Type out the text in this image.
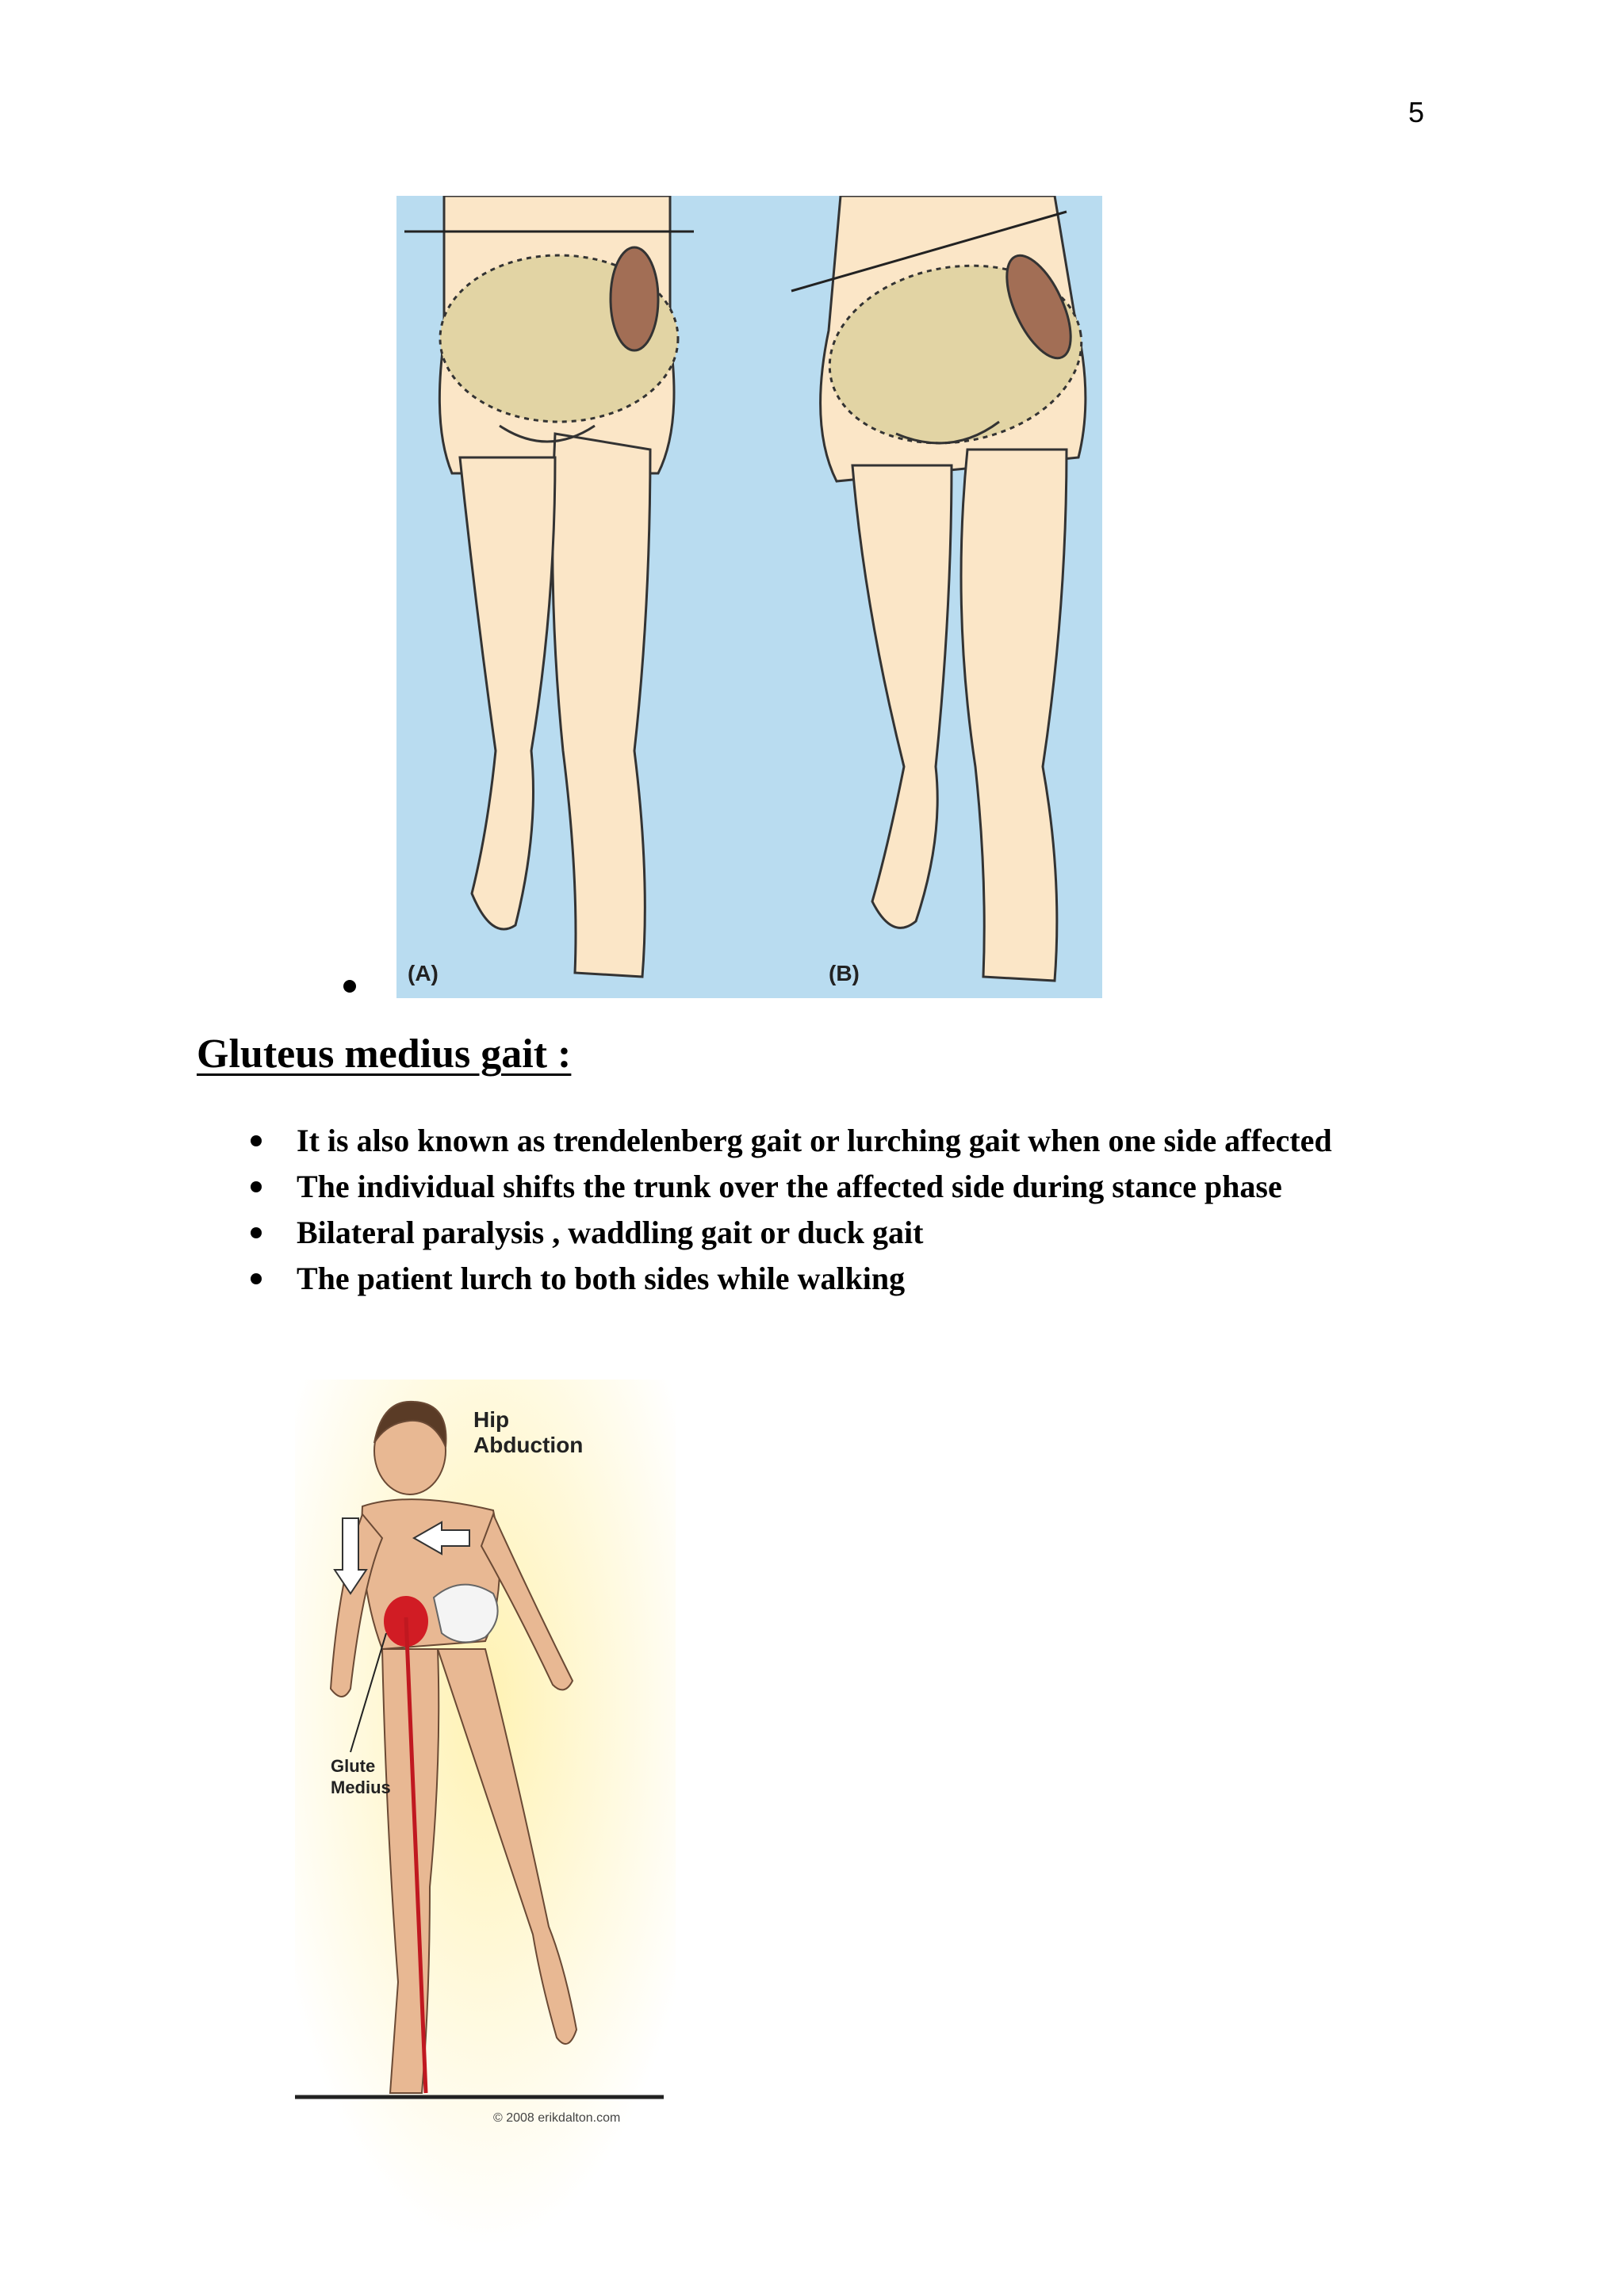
5
(A)	(B)
Gluteus medius gait :
It is also known as trendelenberg gait or lurching gait when one side affected
The individual shifts the trunk over the affected side during stance phase
Bilateral paralysis , waddling gait or duck gait
The patient lurch to both sides while walking
Hip
Abduction
Glute
Medius
© 2008 erikdalton.com
